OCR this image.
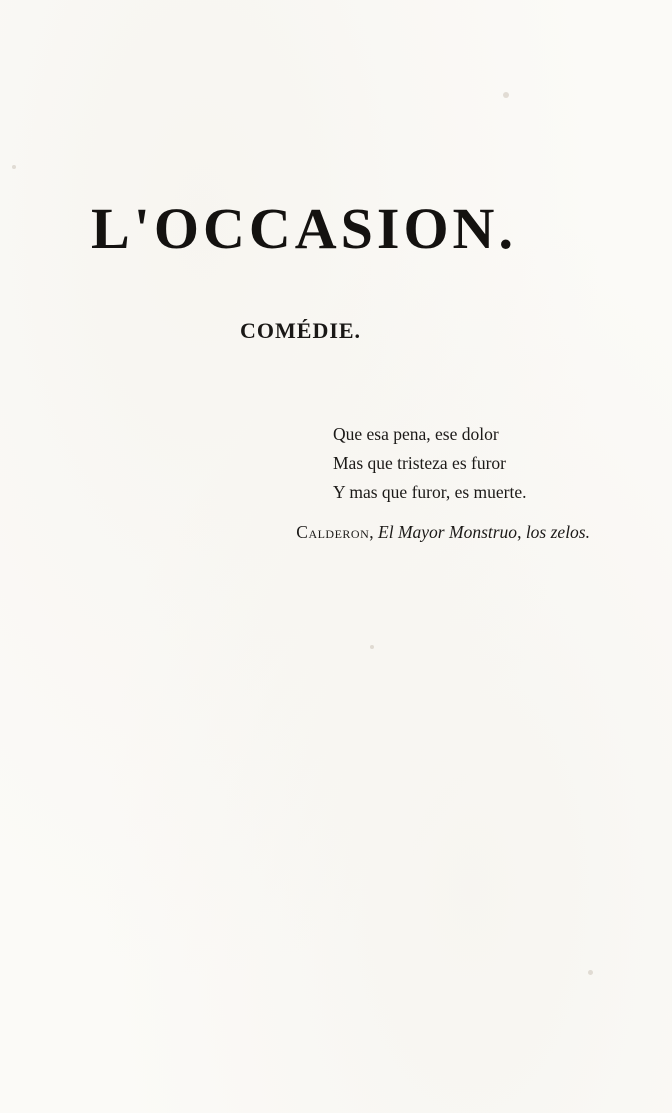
L'OCCASION.
COMÉDIE.
Que esa pena, ese dolor
Mas que tristeza es furor
Y mas que furor, es muerte.
Calderon, El Mayor Monstruo, los zelos.
